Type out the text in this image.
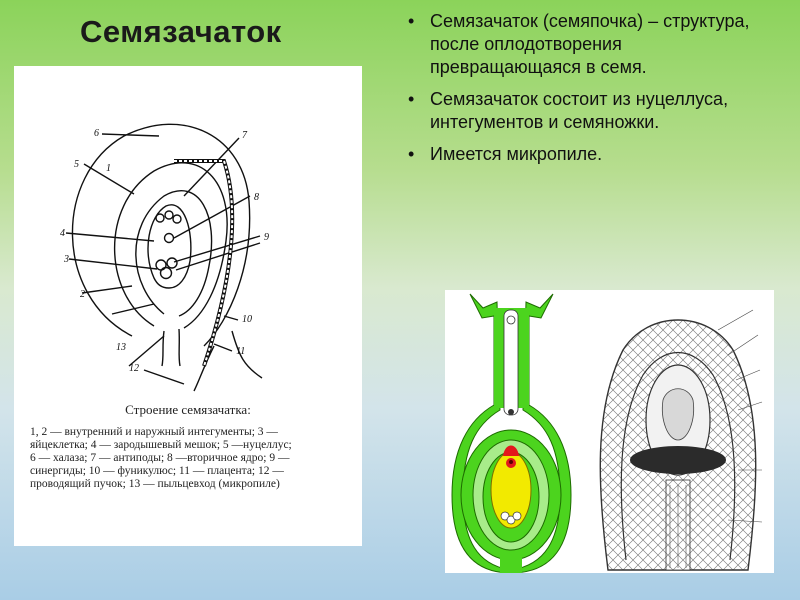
Семязачаток	• Семязачаток (семяпочка) – структура, после оплодотворения превращающаяся в семя.
• Семязачаток состоит из нуцеллуса, интегументов и семяножки.
• Имеется микропиле.
1
2
3
4
5
6	7
8
9
10
11
12
13
Строение семязачатка:
1, 2 — внутренний и наружный интегументы; 3 —
яйцеклетка; 4 — зародышевый мешок; 5 —нуцеллус;
6 — халаза; 7 — антиподы; 8 —вторичное ядро; 9 —
синергиды; 10 — фуникулюс; 11 — плацента; 12 —
проводящий пучок; 13 — пыльцевход (микропиле)
